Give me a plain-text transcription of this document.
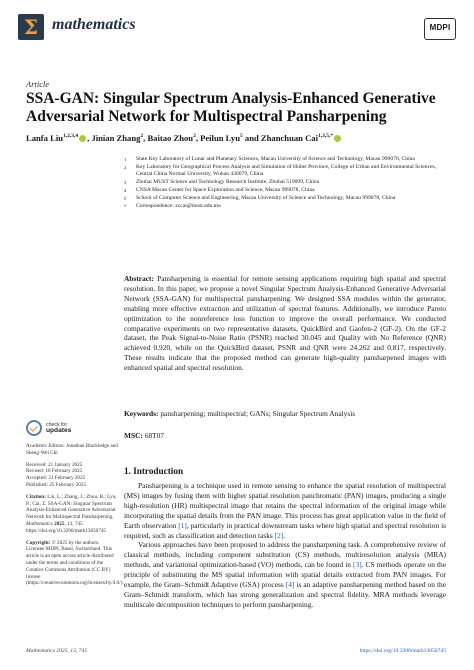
Σ mathematics	MDPI
Article
SSA-GAN: Singular Spectrum Analysis-Enhanced Generative Adversarial Network for Multispectral Pansharpening
Lanfa Liu$^{1,2,3,4}$ , Jinian Zhang$^2$, Baitao Zhou$^2$, Peilun Lyu$^5$ and Zhanchuan Cai$^{1,3,5,*}$
1	State Key Laboratory of Lunar and Planetary Sciences, Macau University of Science and Technology, Macau 999078, China
2	Key Laboratory for Geographical Process Analysis and Simulation of Hubei Province, College of Urban and Environmental Sciences, Central China Normal University, Wuhan 430079, China
3	Zhuhai MUST Science and Technology Research Institute, Zhuhai 519099, China
4	CNSA Macau Center for Space Exploration and Science, Macau 999078, China
5	School of Computer Science and Engineering, Macau University of Science and Technology, Macau 999078, China
*	Correspondence: zccai@must.edu.mo
Abstract: Pansharpening is essential for remote sensing applications requiring high spatial and spectral resolution. In this paper, we propose a novel Singular Spectrum Analysis-Enhanced Generative Adversarial Network (SSA-GAN) for multispectral pansharpening. We designed SSA modules within the generator, enabling more effective extraction and utilization of spectral features. Additionally, we introduce Pareto optimization to the nonreference loss function to improve the overall performance. We conducted comparative experiments on two representative datasets, QuickBird and Gaofen-2 (GF-2). On the GF-2 dataset, the Peak Signal-to-Noise Ratio (PSNR) reached 30.045 and Quality with No Reference (QNR) achieved 0.920, while on the QuickBird dataset, PSNR and QNR were 24.262 and 0.817, respectively. These results indicate that the proposed method can generate high-quality pansharpened images with enhanced spatial and spectral resolution.
Keywords: pansharpening; multispectral; GANs; Singular Spectrum Analysis
MSC: 68T07
check for
updates
Academic Editors: Jonathan Blackledge and Sheng-Wei Chi
Received: 21 January 2025
Revised: 18 February 2025
Accepted: 21 February 2025
Published: 25 February 2025
Citation: Liu, L.; Zhang, J.; Zhou, B.; Lyu, P.; Cai, Z. SSA-GAN: Singular Spectrum Analysis-Enhanced Generative Adversarial Network for Multispectral Pansharpening. Mathematics 2025, 13, 745. https://doi.org/10.3390/math13050745
Copyright: © 2025 by the authors. Licensee MDPI, Basel, Switzerland. This article is an open access article distributed under the terms and conditions of the Creative Commons Attribution (CC BY) license (https://creativecommons.org/licenses/by/4.0/).
1. Introduction

Pansharpening is a technique used in remote sensing to enhance the spatial resolution of multispectral (MS) images by fusing them with higher spatial resolution panchromatic (PAN) images, producing a single high-resolution (HR) multispectral image that retains the spectral information of the original image while incorporating the spatial details from the PAN image. This process has great application value in the field of Earth observation [1], particularly in practical downstream tasks where high spatial and spectral resolution is required, such as classification and detection tasks [2].

Various approaches have been proposed to address the pansharpening task. A comprehensive review of classical methods, including component substitution (CS) methods, multiresolution analysis (MRA) methods, and variational optimization-based (VO) methods, can be found in [3]. CS methods operate on the principle of substituting the MS spatial information with spatial details extracted from PAN images. For example, the Gram–Schmidt Adaptive (GSA) process [4] is an adaptive pansharpening method based on the Gram–Schmidt transform, which has strong generalization and spectral fidelity. MRA methods leverage multiscale decomposition techniques to perform pansharpening.

Mathematics 2025, 13, 745	https://doi.org/10.3390/math13050745
